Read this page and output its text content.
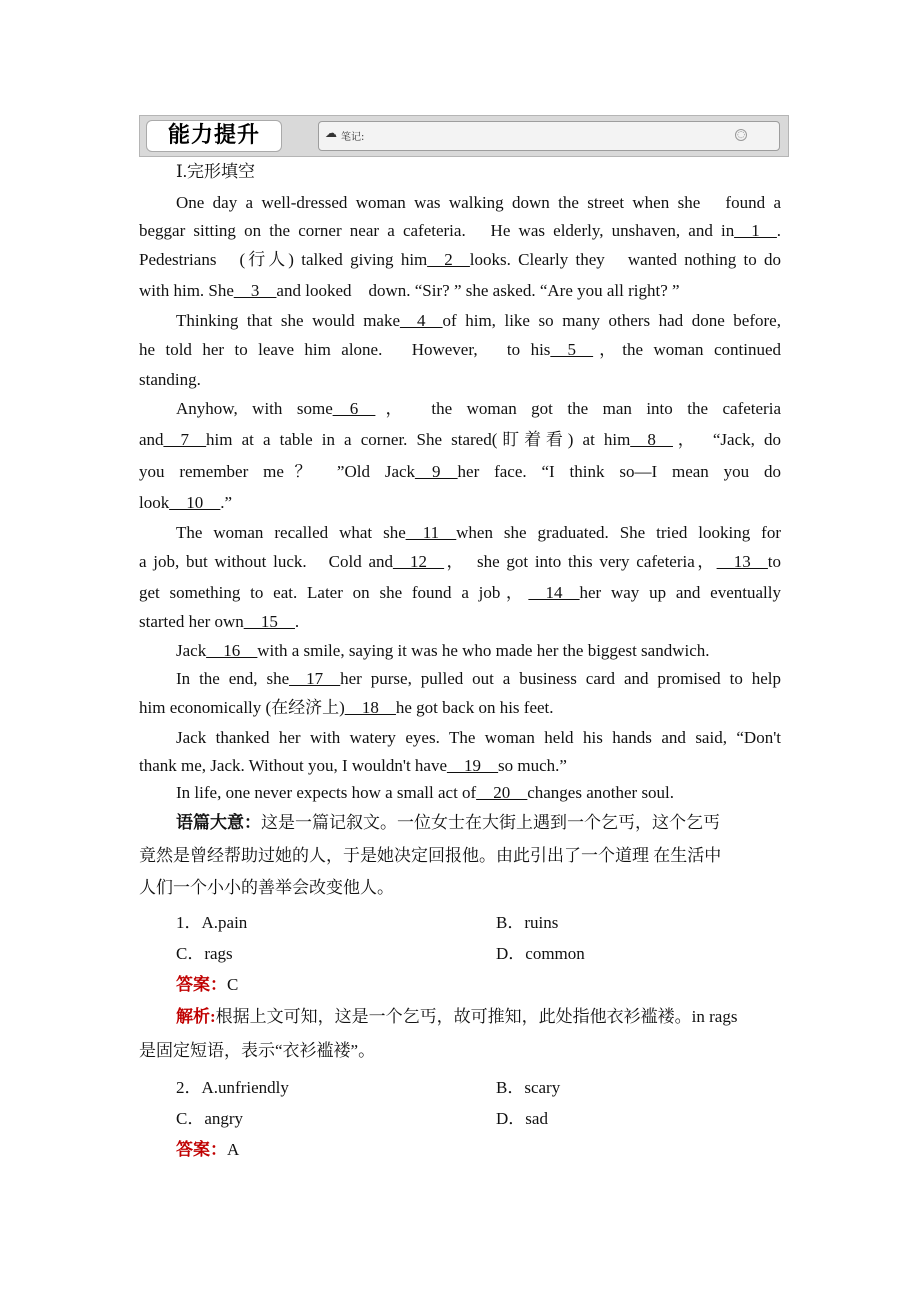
能力提升	☁ 笔记:	◌
Ⅰ.完形填空
One day a well-dressed woman was walking down the street when she　found a
beggar sitting on the corner near a cafeteria.　He was elderly, unshaven, and in__1__.
Pedestrians　(行人) talked giving him__2__looks. Clearly they　wanted nothing to do
with him. She__3__and looked　down. “Sir? ” she asked. “Are you all right? ”
Thinking that she would make__4__of him, like so many others had done before,
he told her to leave him alone.　However,　to his__5__，the woman continued
standing.
Anyhow, with some__6__，　the woman got the man into the cafeteria
and__7__him at a table in a corner. She stared(盯着看) at him__8__，　“Jack, do
you remember me？ ”Old Jack__9__her face. “I think so—I mean you do
look__10__.”
The woman recalled what she__11__when she graduated. She tried looking for
a job, but without luck.　Cold and__12__，　she got into this very cafeteria，__13__to
get something to eat. Later on she found a job，__14__her way up and eventually
started her own__15__.
Jack__16__with a smile, saying it was he who made her the biggest sandwich.
In the end, she__17__her purse, pulled out a business card and promised to help
him economically (在经济上)__18__he got back on his feet.
Jack thanked her with watery eyes. The woman held his hands and said, “Don't
thank me, Jack. Without you, I wouldn't have__19__so much.”
In life, one never expects how a small act of__20__changes another soul.
语篇大意：这是一篇记叙文。一位女士在大街上遇到一个乞丐，这个乞丐
竟然是曾经帮助过她的人，于是她决定回报他。由此引出了一个道理 在生活中
人们一个小小的善举会改变他人。
1．A.pain	B．ruins
C．rags	D．common
答案：C
解析:根据上文可知，这是一个乞丐，故可推知，此处指他衣衫褴褛。in rags
是固定短语，表示“衣衫褴褛”。
2．A.unfriendly	B．scary
C．angry	D．sad
答案：A
